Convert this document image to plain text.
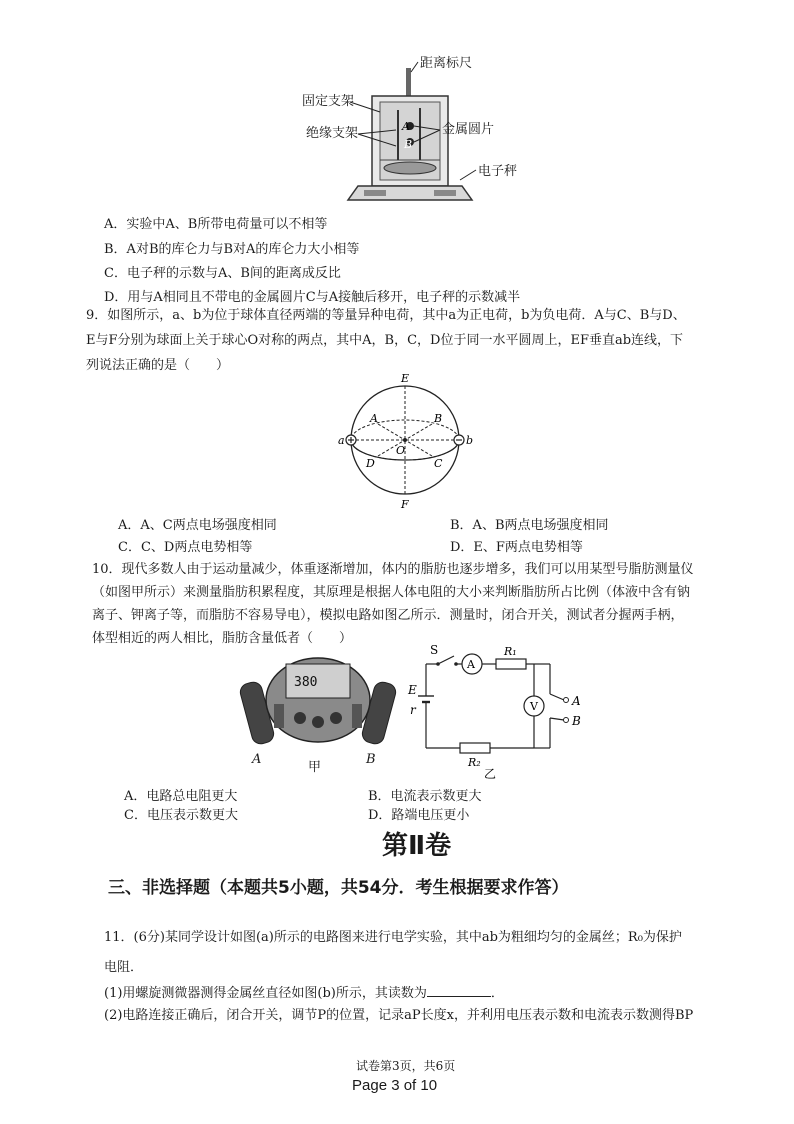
A
B
距离标尺
固定支架
绝缘支架	金属圆片
电子秤
A．实验中A、B所带电荷量可以不相等
B．A对B的库仑力与B对A的库仑力大小相等
C．电子秤的示数与A、B间的距离成反比
D．用与A相同且不带电的金属圆片C与A接触后移开，电子秤的示数减半
9．如图所示，a、b为位于球体直径两端的等量异种电荷，其中a为正电荷，b为负电荷．A与C、B与D、
E与F分别为球面上关于球心O对称的两点，其中A，B，C，D位于同一水平圆周上，EF垂直ab连线，下
列说法正确的是（　　）
E
F
A	B
C
D
O
a	b
A．A、C两点电场强度相同	B．A、B两点电场强度相同
C．C、D两点电势相等	D．E、F两点电势相等
10．现代多数人由于运动量减少，体重逐渐增加，体内的脂肪也逐步增多，我们可以用某型号脂肪测量仪
（如图甲所示）来测量脂肪积累程度，其原理是根据人体电阻的大小来判断脂肪所占比例（体液中含有钠
离子、钾离子等，而脂肪不容易导电），模拟电路如图乙所示．测量时，闭合开关，测试者分握两手柄，
体型相近的两人相比，脂肪含量低者（　　）
380
A	B
甲
S
A
R₁
E
r	V	A
B
R₂
乙
A．电路总电阻更大	B．电流表示数更大
C．电压表示数更大	D．路端电压更小
第Ⅱ卷
三、非选择题（本题共5小题，共54分．考生根据要求作答）
11．(6分)某同学设计如图(a)所示的电路图来进行电学实验，其中ab为粗细均匀的金属丝；R₀为保护
电阻．
(1)用螺旋测微器测得金属丝直径如图(b)所示，其读数为	．
(2)电路连接正确后，闭合开关，调节P的位置，记录aP长度x，并利用电压表示数和电流表示数测得BP
试卷第3页，共6页
Page 3 of 10
